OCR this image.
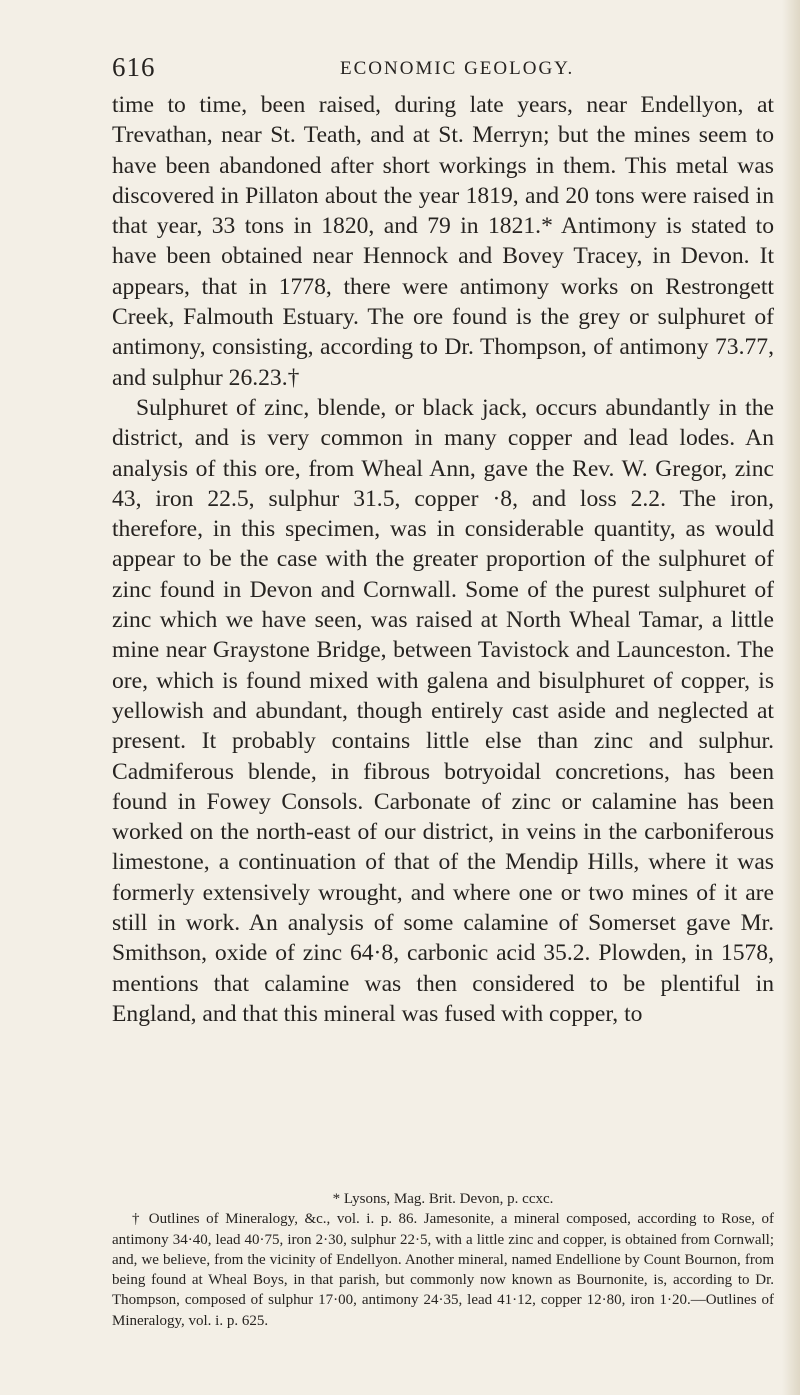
616	ECONOMIC GEOLOGY.

time to time, been raised, during late years, near Endellyon, at Trevathan, near St. Teath, and at St. Merryn; but the mines seem to have been abandoned after short workings in them. This metal was discovered in Pillaton about the year 1819, and 20 tons were raised in that year, 33 tons in 1820, and 79 in 1821.* Antimony is stated to have been obtained near Hennock and Bovey Tracey, in Devon. It appears, that in 1778, there were antimony works on Restrongett Creek, Falmouth Estuary. The ore found is the grey or sulphuret of antimony, consisting, according to Dr. Thompson, of antimony 73.77, and sulphur 26.23.†

Sulphuret of zinc, blende, or black jack, occurs abundantly in the district, and is very common in many copper and lead lodes. An analysis of this ore, from Wheal Ann, gave the Rev. W. Gregor, zinc 43, iron 22.5, sulphur 31.5, copper ·8, and loss 2.2. The iron, therefore, in this specimen, was in considerable quantity, as would appear to be the case with the greater proportion of the sulphuret of zinc found in Devon and Cornwall. Some of the purest sulphuret of zinc which we have seen, was raised at North Wheal Tamar, a little mine near Graystone Bridge, between Tavistock and Launceston. The ore, which is found mixed with galena and bisulphuret of copper, is yellowish and abundant, though entirely cast aside and neglected at present. It probably contains little else than zinc and sulphur. Cadmiferous blende, in fibrous botryoidal concretions, has been found in Fowey Consols. Carbonate of zinc or calamine has been worked on the north-east of our district, in veins in the carboniferous limestone, a continuation of that of the Mendip Hills, where it was formerly extensively wrought, and where one or two mines of it are still in work. An analysis of some calamine of Somerset gave Mr. Smithson, oxide of zinc 64·8, carbonic acid 35.2. Plowden, in 1578, mentions that calamine was then considered to be plentiful in England, and that this mineral was fused with copper, to

* Lysons, Mag. Brit. Devon, p. ccxc.

† Outlines of Mineralogy, &c., vol. i. p. 86. Jamesonite, a mineral composed, according to Rose, of antimony 34·40, lead 40·75, iron 2·30, sulphur 22·5, with a little zinc and copper, is obtained from Cornwall; and, we believe, from the vicinity of Endellyon. Another mineral, named Endellione by Count Bournon, from being found at Wheal Boys, in that parish, but commonly now known as Bournonite, is, according to Dr. Thompson, composed of sulphur 17·00, antimony 24·35, lead 41·12, copper 12·80, iron 1·20.—Outlines of Mineralogy, vol. i. p. 625.
